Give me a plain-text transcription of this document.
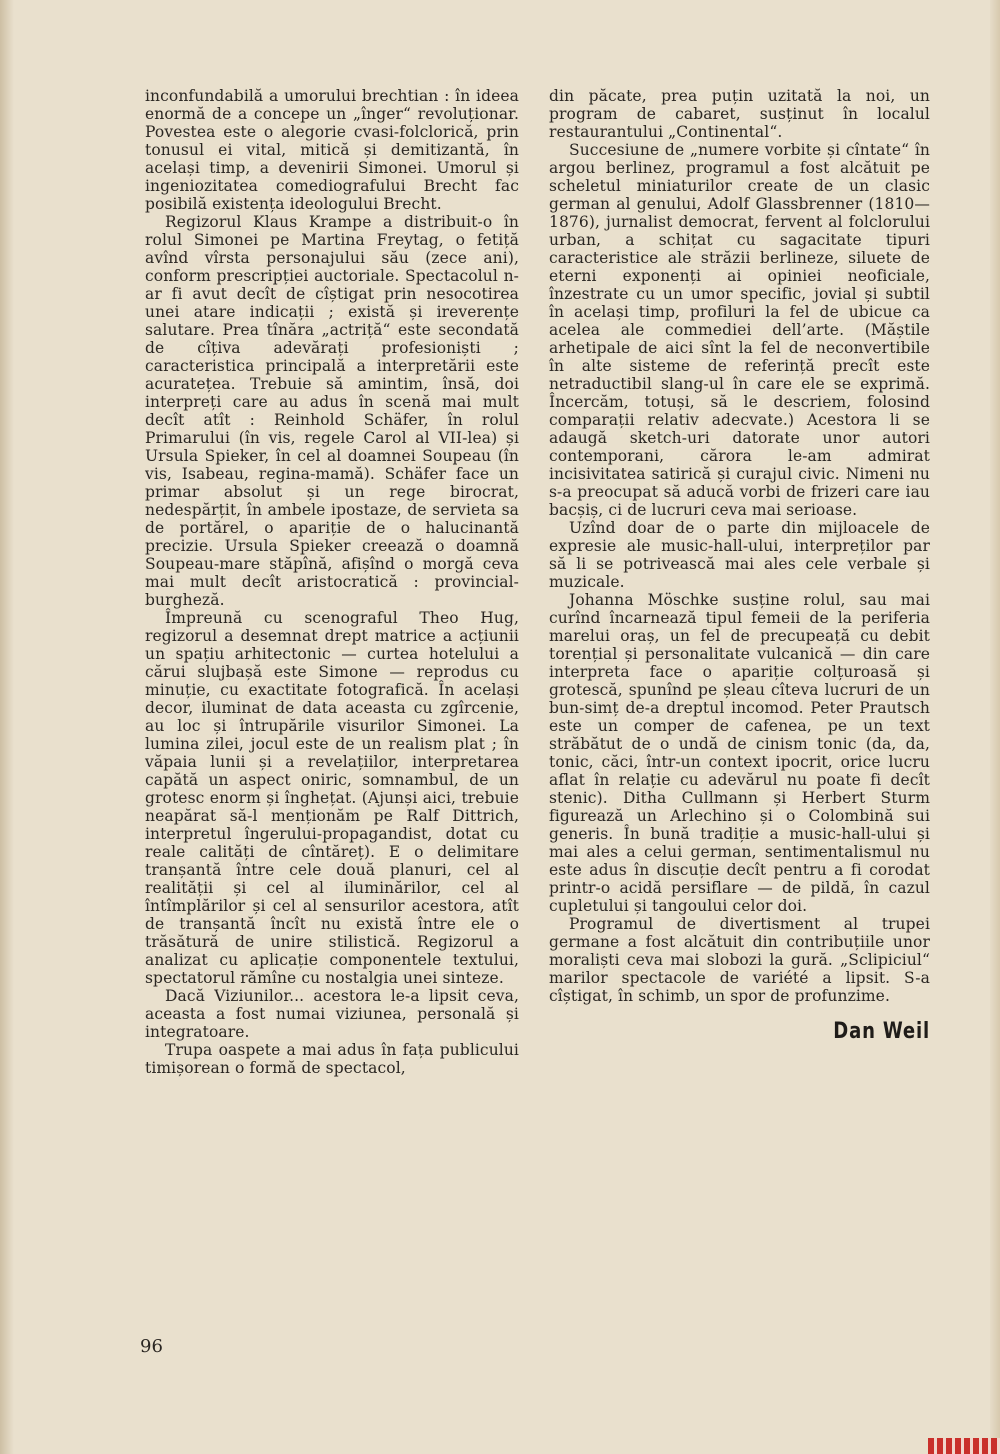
inconfundabilă a umorului brechtian : în ideea enormă de a concepe un „înger“ revoluționar. Povestea este o alegorie cvasi-folclorică, prin tonusul ei vital, mitică și demitizantă, în același timp, a devenirii Simonei. Umorul și ingeniozitatea comediografului Brecht fac posibilă existența ideologului Brecht.

Regizorul Klaus Krampe a distribuit-o în rolul Simonei pe Martina Freytag, o fetiță avînd vîrsta personajului său (zece ani), conform prescripției auctoriale. Spectacolul n-ar fi avut decît de cîștigat prin nesocotirea unei atare indicații ; există și ireverențe salutare. Prea tînăra „actriță“ este secondată de cîțiva adevărați profesioniști ; caracteristica principală a interpretării este acuratețea. Trebuie să amintim, însă, doi interpreți care au adus în scenă mai mult decît atît : Reinhold Schäfer, în rolul Primarului (în vis, regele Carol al VII-lea) și Ursula Spieker, în cel al doamnei Soupeau (în vis, Isabeau, regina-mamă). Schäfer face un primar absolut și un rege birocrat, nedespărțit, în ambele ipostaze, de servieta sa de portărel, o apariție de o halucinantă precizie. Ursula Spieker creează o doamnă Soupeau-mare stăpînă, afișînd o morgă ceva mai mult decît aristocratică : provincial-burgheză.

Împreună cu scenograful Theo Hug, regizorul a desemnat drept matrice a acțiunii un spațiu arhitectonic — curtea hotelului a cărui slujbașă este Simone — reprodus cu minuție, cu exactitate fotografică. În același decor, iluminat de data aceasta cu zgîrcenie, au loc și întrupările visurilor Simonei. La lumina zilei, jocul este de un realism plat ; în văpaia lunii și a revelațiilor, interpretarea capătă un aspect oniric, somnambul, de un grotesc enorm și înghețat. (Ajunși aici, trebuie neapărat să-l menționăm pe Ralf Dittrich, interpretul îngerului-propagandist, dotat cu reale calități de cîntăreț). E o delimitare tranșantă între cele două planuri, cel al realității și cel al iluminărilor, cel al întîmplărilor și cel al sensurilor acestora, atît de tranșantă încît nu există între ele o trăsătură de unire stilistică. Regizorul a analizat cu aplicație componentele textului, spectatorul rămîne cu nostalgia unei sinteze.

Dacă Viziunilor... acestora le-a lipsit ceva, aceasta a fost numai viziunea, personală și integratoare.

Trupa oaspete a mai adus în fața publicului timișorean o formă de spectacol,

din păcate, prea puțin uzitată la noi, un program de cabaret, susținut în localul restaurantului „Continental“.

Succesiune de „numere vorbite și cîntate“ în argou berlinez, programul a fost alcătuit pe scheletul miniaturilor create de un clasic german al genului, Adolf Glassbrenner (1810—1876), jurnalist democrat, fervent al folclorului urban, a schițat cu sagacitate tipuri caracteristice ale străzii berlineze, siluete de eterni exponenți ai opiniei neoficiale, înzestrate cu un umor specific, jovial și subtil în același timp, profiluri la fel de ubicue ca acelea ale commediei dell’arte. (Măștile arhetipale de aici sînt la fel de neconvertibile în alte sisteme de referință precît este netraductibil slang-ul în care ele se exprimă. Încercăm, totuși, să le descriem, folosind comparații relativ adecvate.) Acestora li se adaugă sketch-uri datorate unor autori contemporani, cărora le-am admirat incisivitatea satirică și curajul civic. Nimeni nu s-a preocupat să aducă vorbi de frizeri care iau bacșiș, ci de lucruri ceva mai serioase.

Uzînd doar de o parte din mijloacele de expresie ale music-hall-ului, interpreților par să li se potrivească mai ales cele verbale și muzicale.

Johanna Möschke susține rolul, sau mai curînd încarnează tipul femeii de la periferia marelui oraș, un fel de precupeață cu debit torențial și personalitate vulcanică — din care interpreta face o apariție colțuroasă și grotescă, spunînd pe șleau cîteva lucruri de un bun-simț de-a dreptul incomod. Peter Prautsch este un comper de cafenea, pe un text străbătut de o undă de cinism tonic (da, da, tonic, căci, într-un context ipocrit, orice lucru aflat în relație cu adevărul nu poate fi decît stenic). Ditha Cullmann și Herbert Sturm figurează un Arlechino și o Colombină sui generis. În bună tradiție a music-hall-ului și mai ales a celui german, sentimentalismul nu este adus în discuție decît pentru a fi corodat printr-o acidă persiflare — de pildă, în cazul cupletului și tangoului celor doi.

Programul de divertisment al trupei germane a fost alcătuit din contribuțiile unor moraliști ceva mai slobozi la gură. „Sclipiciul“ marilor spectacole de variété a lipsit. S-a cîștigat, în schimb, un spor de profunzime.

Dan Weil
96
